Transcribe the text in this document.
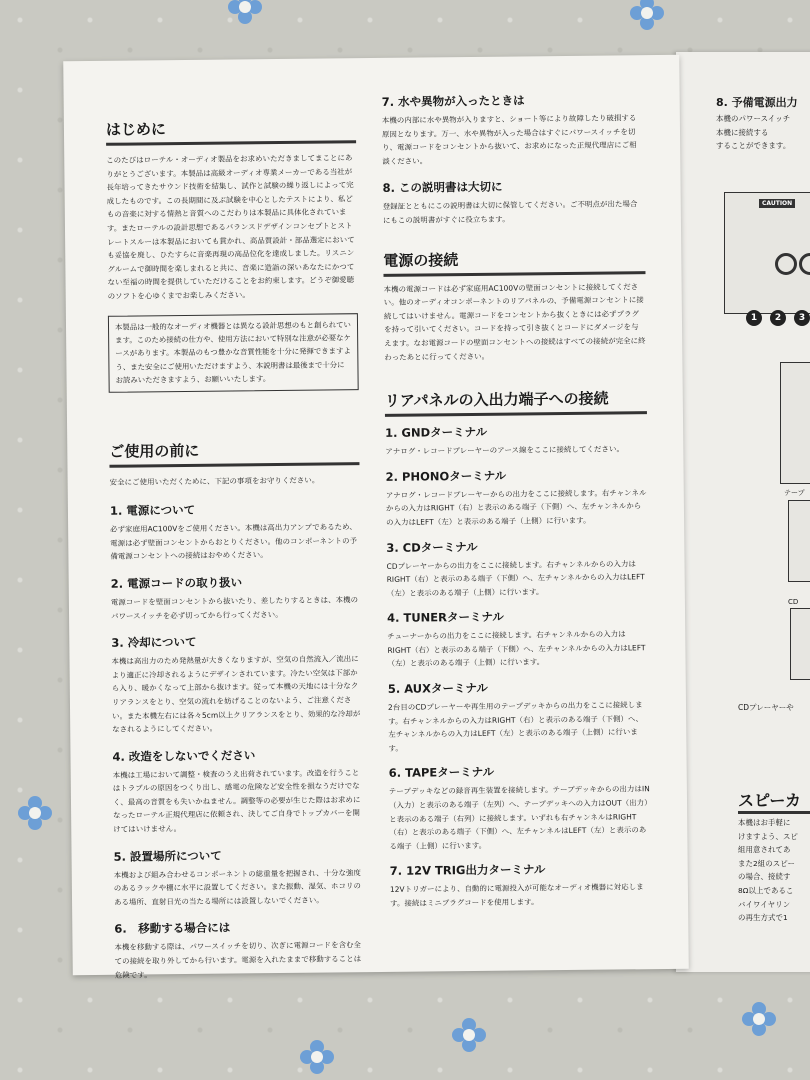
8. 予備電源出力
本機のパワースイッチ
本機に接続する
することができます。
CAUTION
1	2	3
テープ
CD
CDプレーヤーや
スピーカ
本機はお手軽に
けますよう、スピ
組用意されてあ
また2組のスピー
の場合、接続す
8Ω以上であるこ
バイワイヤリン
の再生方式で1
はじめに

このたびはローテル・オーディオ製品をお求めいただきましてまことにありがとうございます。本製品は高級オーディオ専業メーカーである当社が長年培ってきたサウンド技術を結集し、試作と試験の繰り返しによって完成したものです。この長期間に及ぶ試験を中心としたテストにより、私どもの音楽に対する情熱と音質へのこだわりは本製品に具体化されています。またローテルの設計思想であるバランスドデザインコンセプトとストレートスルーは本製品においても貫かれ、高品質設計・部品選定においても妥協を廃し、ひたすらに音楽再現の高品位化を達成しました。リスニングルームで御時間を楽しまれると共に、音楽に造詣の深いあなたにかつてない至福の時間を提供していただけることをお約束します。どうぞ御愛聴のソフトを心ゆくまでお楽しみください。

本製品は一般的なオーディオ機器とは異なる設計思想のもと創られています。このため接続の仕方や、使用方法において特別な注意が必要なケースがあります。本製品のもつ豊かな音質性能を十分に発揮できますよう、また安全にご使用いただけますよう、本説明書は最後まで十分にお読みいただきますよう、お願いいたします。
ご使用の前に

安全にご使用いただくために、下記の事項をお守りください。

1. 電源について

必ず家庭用AC100Vをご使用ください。本機は高出力アンプであるため、電源は必ず壁面コンセントからおとりください。他のコンポーネントの予備電源コンセントへの接続はおやめください。

2. 電源コードの取り扱い

電源コードを壁面コンセントから抜いたり、差したりするときは、本機のパワースイッチを必ず切ってから行ってください。

3. 冷却について

本機は高出力のため発熱量が大きくなりますが、空気の自然流入／流出により適正に冷却されるようにデザインされています。冷たい空気は下部から入り、暖かくなって上部から抜けます。従って本機の天地には十分なクリアランスをとり、空気の流れを妨げることのないよう、ご注意ください。また本機左右には各々5cm以上クリアランスをとり、効果的な冷却がなされるようにしてください。

4. 改造をしないでください

本機は工場において調整・検査のうえ出荷されています。改造を行うことはトラブルの原因をつくり出し、感電の危険など安全性を損なうだけでなく、最高の音質をも失いかねません。調整等の必要が生じた際はお求めになったローテル正規代理店に依頼され、決してご自身でトップカバーを開けてはいけません。

5. 設置場所について

本機および組み合わせるコンポーネントの総重量を把握され、十分な強度のあるラックや棚に水平に設置してください。また振動、湿気、ホコリのある場所、直射日光の当たる場所には設置しないでください。

6.　移動する場合には

本機を移動する際は、パワースイッチを切り、次ぎに電源コードを含む全ての接続を取り外してから行います。電源を入れたままで移動することは危険です。

7. 水や異物が入ったときは

本機の内部に水や異物が入りますと、ショート等により故障したり破損する原因となります。万一、水や異物が入った場合はすぐにパワースイッチを切り、電源コードをコンセントから抜いて、お求めになった正規代理店にご相談ください。

8. この説明書は大切に

登録証とともにこの説明書は大切に保管してください。ご不明点が出た場合にもこの説明書がすぐに役立ちます。

電源の接続

本機の電源コードは必ず家庭用AC100Vの壁面コンセントに接続してください。他のオーディオコンポーネントのリアパネルの、予備電源コンセントに接続してはいけません。電源コードをコンセントから抜くときには必ずプラグを持って引いてください。コードを持って引き抜くとコードにダメージを与えます。なお電源コードの壁面コンセントへの接続はすべての接続が完全に終わったあとに行ってください。

リアパネルの入出力端子への接続
1. GNDターミナル

アナログ・レコードプレーヤーのアース線をここに接続してください。

2. PHONOターミナル

アナログ・レコードプレーヤーからの出力をここに接続します。右チャンネルからの入力はRIGHT（右）と表示のある端子（下側）へ、左チャンネルからの入力はLEFT（左）と表示のある端子（上側）に行います。

3. CDターミナル

CDプレーヤーからの出力をここに接続します。右チャンネルからの入力はRIGHT（右）と表示のある端子（下側）へ、左チャンネルからの入力はLEFT（左）と表示のある端子（上側）に行います。

4. TUNERターミナル

チューナーからの出力をここに接続します。右チャンネルからの入力はRIGHT（右）と表示のある端子（下側）へ、左チャンネルからの入力はLEFT（左）と表示のある端子（上側）に行います。

5. AUXターミナル

2台目のCDプレーヤーや再生用のテープデッキからの出力をここに接続します。右チャンネルからの入力はRIGHT（右）と表示のある端子（下側）へ、左チャンネルからの入力はLEFT（左）と表示のある端子（上側）に行います。

6. TAPEターミナル

テープデッキなどの録音再生装置を接続します。テープデッキからの出力はIN（入力）と表示のある端子（左列）へ、テープデッキへの入力はOUT（出力）と表示のある端子（右列）に接続します。いずれも右チャンネルはRIGHT（右）と表示のある端子（下側）へ、左チャンネルはLEFT（左）と表示のある端子（上側）に行います。

7. 12V TRIG出力ターミナル

12Vトリガーにより、自動的に電源投入が可能なオーディオ機器に対応します。接続はミニプラグコードを使用します。
